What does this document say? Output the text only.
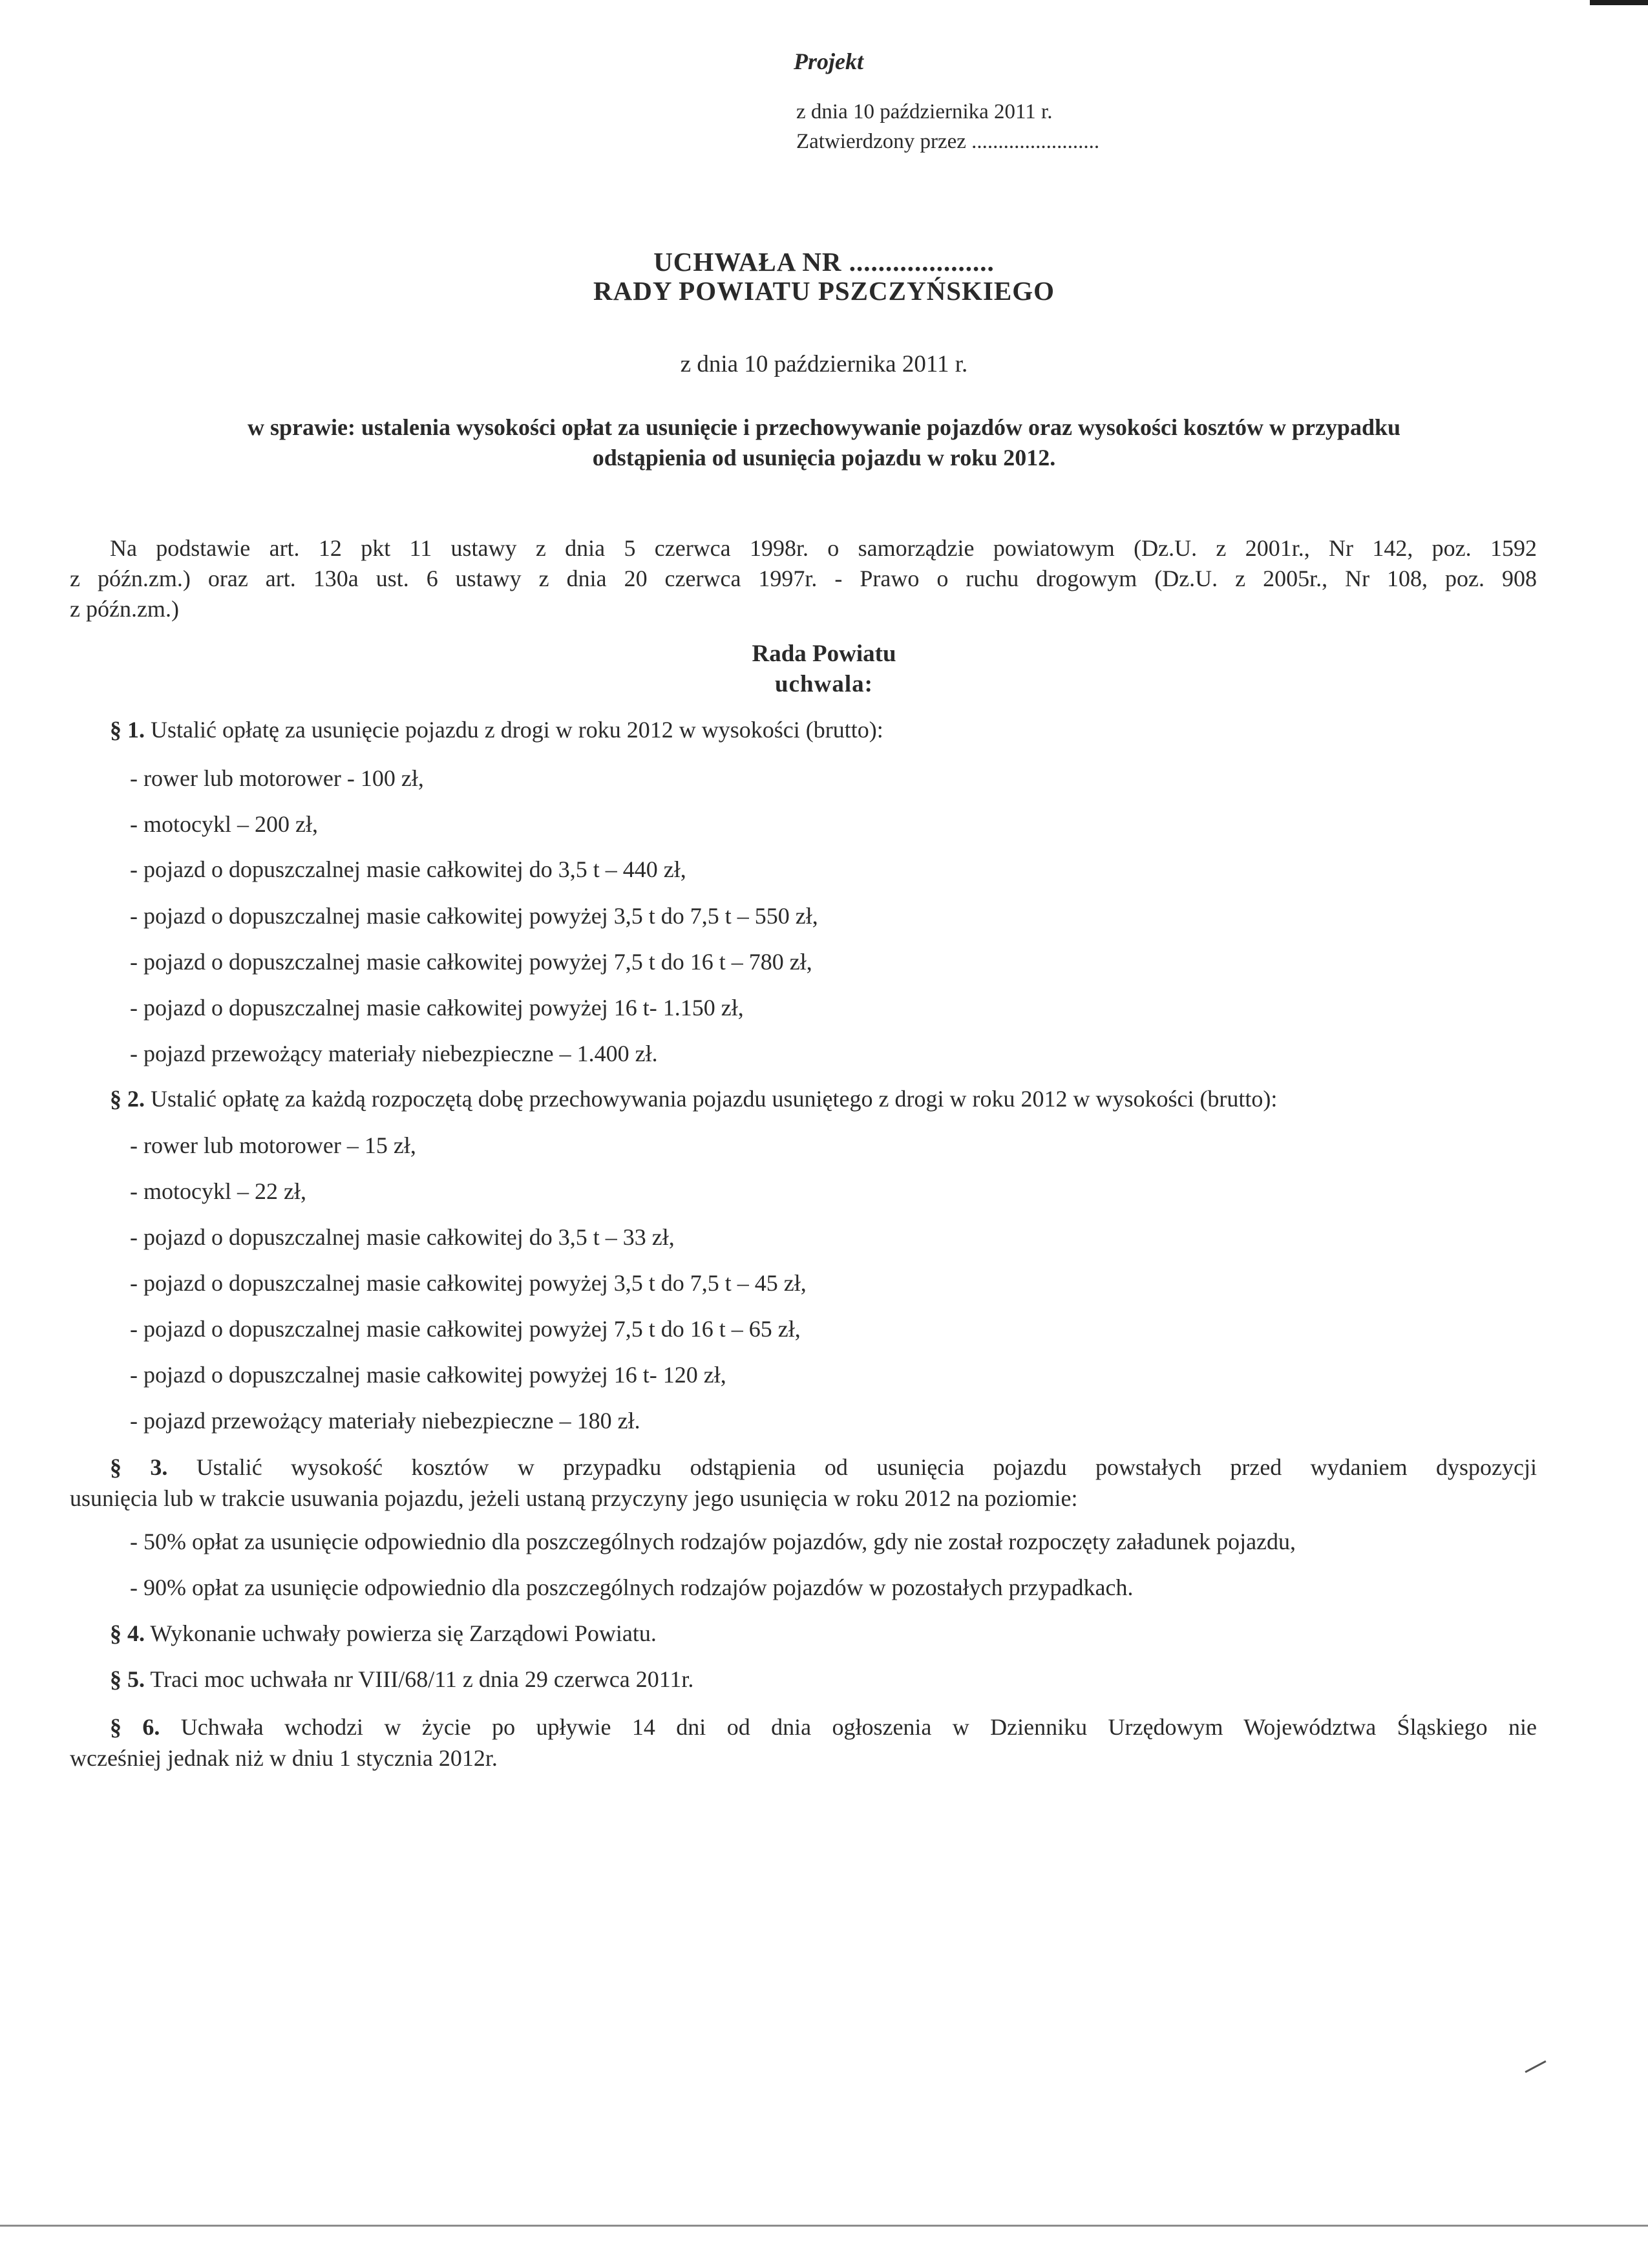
Projekt
z dnia 10 października 2011 r.
Zatwierdzony przez ........................
UCHWAŁA NR ....................
RADY POWIATU PSZCZYŃSKIEGO
z dnia 10 października 2011 r.
w sprawie: ustalenia wysokości opłat za usunięcie i przechowywanie pojazdów oraz wysokości kosztów w przypadku
odstąpienia od usunięcia pojazdu w roku 2012.
Na podstawie art. 12 pkt 11 ustawy z dnia 5 czerwca 1998r. o samorządzie powiatowym (Dz.U. z 2001r., Nr 142, poz. 1592
z późn.zm.) oraz art. 130a ust. 6 ustawy z dnia 20 czerwca 1997r. - Prawo o ruchu drogowym (Dz.U. z 2005r., Nr 108, poz. 908
z późn.zm.)
Rada Powiatu
uchwala:
§ 1. Ustalić opłatę za usunięcie pojazdu z drogi w roku 2012 w wysokości (brutto):
- rower lub motorower - 100 zł,
- motocykl – 200 zł,
- pojazd o dopuszczalnej masie całkowitej do 3,5 t – 440 zł,
- pojazd o dopuszczalnej masie całkowitej powyżej 3,5 t do 7,5 t – 550 zł,
- pojazd o dopuszczalnej masie całkowitej powyżej 7,5 t do 16 t – 780 zł,
- pojazd o dopuszczalnej masie całkowitej powyżej 16 t- 1.150 zł,
- pojazd przewożący materiały niebezpieczne – 1.400 zł.
§ 2. Ustalić opłatę za każdą rozpoczętą dobę przechowywania pojazdu usuniętego z drogi w roku 2012 w wysokości (brutto):
- rower lub motorower – 15 zł,
- motocykl – 22 zł,
- pojazd o dopuszczalnej masie całkowitej do 3,5 t – 33 zł,
- pojazd o dopuszczalnej masie całkowitej powyżej 3,5 t do 7,5 t – 45 zł,
- pojazd o dopuszczalnej masie całkowitej powyżej 7,5 t do 16 t – 65 zł,
- pojazd o dopuszczalnej masie całkowitej powyżej 16 t- 120 zł,
- pojazd przewożący materiały niebezpieczne – 180 zł.
§ 3. Ustalić wysokość kosztów w przypadku odstąpienia od usunięcia pojazdu powstałych przed wydaniem dyspozycji
usunięcia lub w trakcie usuwania pojazdu, jeżeli ustaną przyczyny jego usunięcia w roku 2012 na poziomie:
- 50% opłat za usunięcie odpowiednio dla poszczególnych rodzajów pojazdów, gdy nie został rozpoczęty załadunek pojazdu,
- 90% opłat za usunięcie odpowiednio dla poszczególnych rodzajów pojazdów w pozostałych przypadkach.
§ 4. Wykonanie uchwały powierza się Zarządowi Powiatu.
§ 5. Traci moc uchwała nr VIII/68/11 z dnia 29 czerwca 2011r.
§ 6. Uchwała wchodzi w życie po upływie 14 dni od dnia ogłoszenia w Dzienniku Urzędowym Województwa Śląskiego nie
wcześniej jednak niż w dniu 1 stycznia 2012r.
